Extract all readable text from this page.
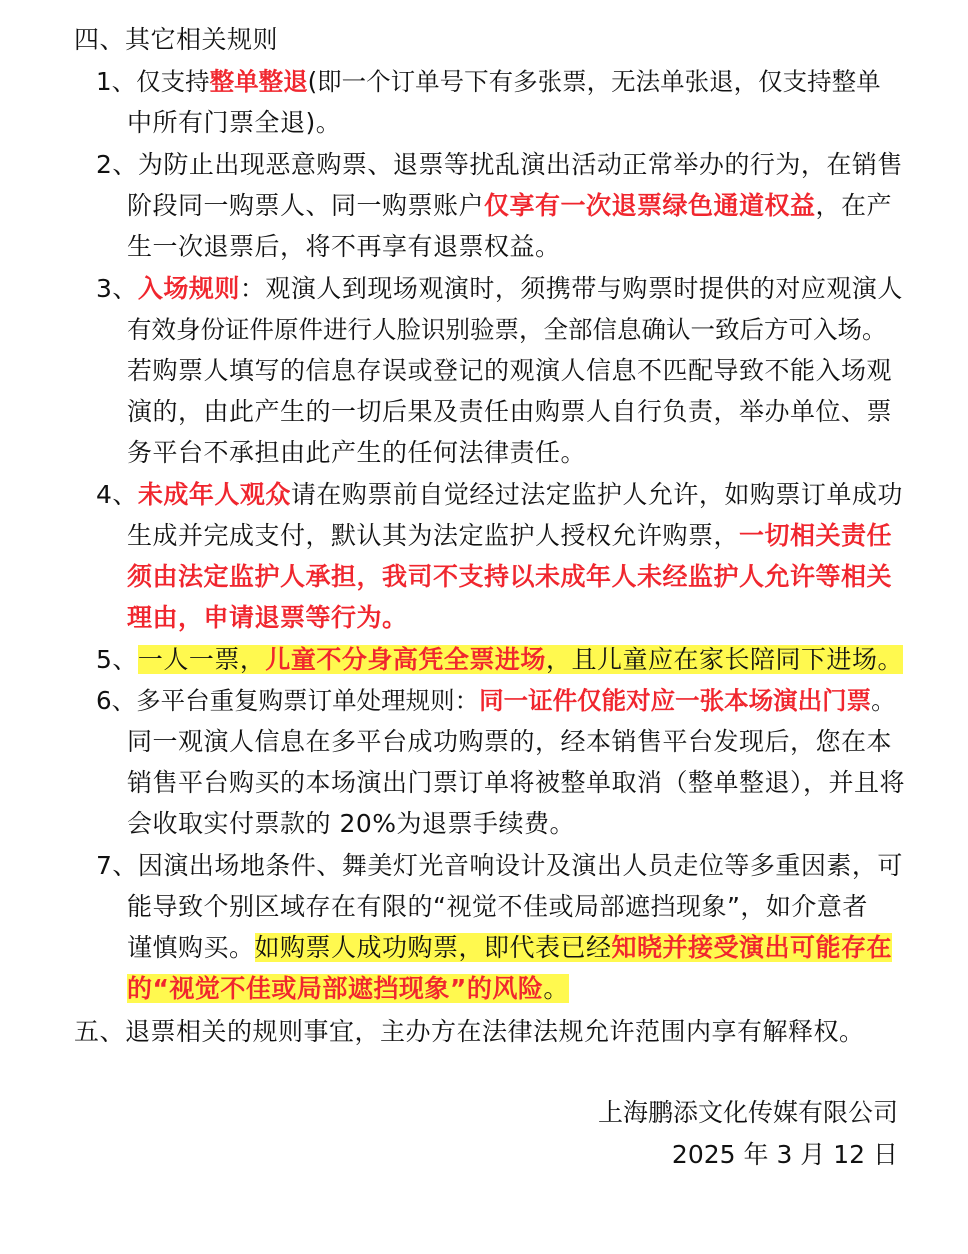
四、其它相关规则
1、仅支持整单整退(即一个订单号下有多张票，无法单张退，仅支持整单
中所有门票全退)。
2、为防止出现恶意购票、退票等扰乱演出活动正常举办的行为，在销售
阶段同一购票人、同一购票账户仅享有一次退票绿色通道权益，在产
生一次退票后，将不再享有退票权益。
3、入场规则：观演人到现场观演时，须携带与购票时提供的对应观演人
有效身份证件原件进行人脸识别验票，全部信息确认一致后方可入场。
若购票人填写的信息存误或登记的观演人信息不匹配导致不能入场观
演的，由此产生的一切后果及责任由购票人自行负责，举办单位、票
务平台不承担由此产生的任何法律责任。
4、未成年人观众请在购票前自觉经过法定监护人允许，如购票订单成功
生成并完成支付，默认其为法定监护人授权允许购票，一切相关责任
须由法定监护人承担，我司不支持以未成年人未经监护人允许等相关
理由，申请退票等行为。
5、一人一票，儿童不分身高凭全票进场，且儿童应在家长陪同下进场。
6、多平台重复购票订单处理规则：同一证件仅能对应一张本场演出门票。
同一观演人信息在多平台成功购票的，经本销售平台发现后，您在本
销售平台购买的本场演出门票订单将被整单取消（整单整退），并且将
会收取实付票款的 20%为退票手续费。
7、因演出场地条件、舞美灯光音响设计及演出人员走位等多重因素，可
能导致个别区域存在有限的“视觉不佳或局部遮挡现象”，如介意者
谨慎购买。如购票人成功购票，即代表已经知晓并接受演出可能存在
的“视觉不佳或局部遮挡现象”的风险。
五、退票相关的规则事宜，主办方在法律法规允许范围内享有解释权。
上海鹏添文化传媒有限公司
2025 年 3 月 12 日
